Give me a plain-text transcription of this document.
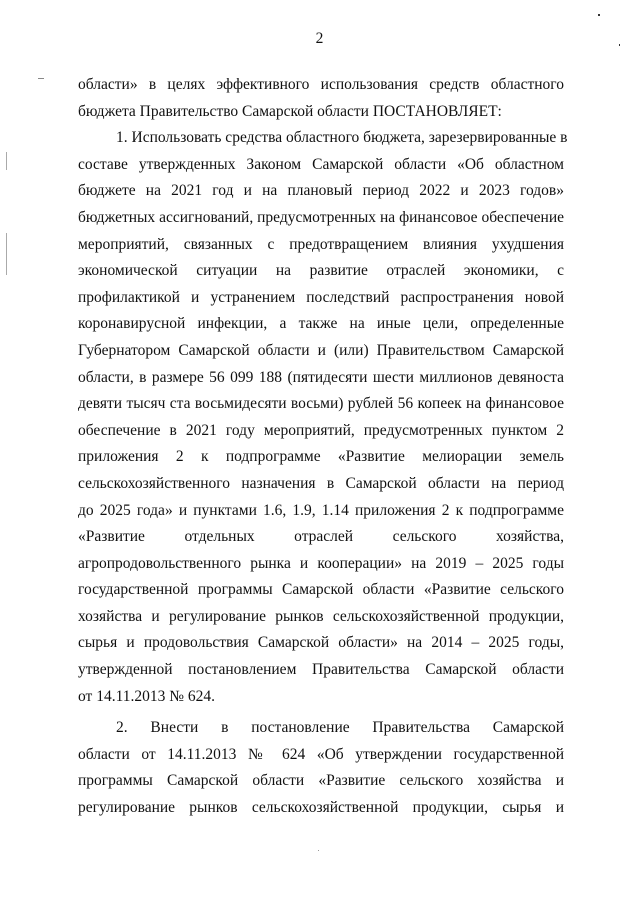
2
области» в целях эффективного использования средств областного
бюджета Правительство Самарской области ПОСТАНОВЛЯЕТ:
1. Использовать средства областного бюджета, зарезервированные в
составе утвержденных Законом Самарской области «Об областном
бюджете на 2021 год и на плановый период 2022 и 2023 годов»
бюджетных ассигнований, предусмотренных на финансовое обеспечение
мероприятий, связанных с предотвращением влияния ухудшения
экономической ситуации на развитие отраслей экономики, с
профилактикой и устранением последствий распространения новой
коронавирусной инфекции, а также на иные цели, определенные
Губернатором Самарской области и (или) Правительством Самарской
области, в размере 56 099 188 (пятидесяти шести миллионов девяноста
девяти тысяч ста восьмидесяти восьми) рублей 56 копеек на финансовое
обеспечение в 2021 году мероприятий, предусмотренных пунктом 2
приложения 2 к подпрограмме «Развитие мелиорации земель
сельскохозяйственного назначения в Самарской области на период
до 2025 года» и пунктами 1.6, 1.9, 1.14 приложения 2 к подпрограмме
«Развитие отдельных отраслей сельского хозяйства,
агропродовольственного рынка и кооперации» на 2019 – 2025 годы
государственной программы Самарской области «Развитие сельского
хозяйства и регулирование рынков сельскохозяйственной продукции,
сырья и продовольствия Самарской области» на 2014 – 2025 годы,
утвержденной постановлением Правительства Самарской области
от 14.11.2013 № 624.
2. Внести в постановление Правительства Самарской
области от 14.11.2013 № 624 «Об утверждении государственной
программы Самарской области «Развитие сельского хозяйства и
регулирование рынков сельскохозяйственной продукции, сырья и
